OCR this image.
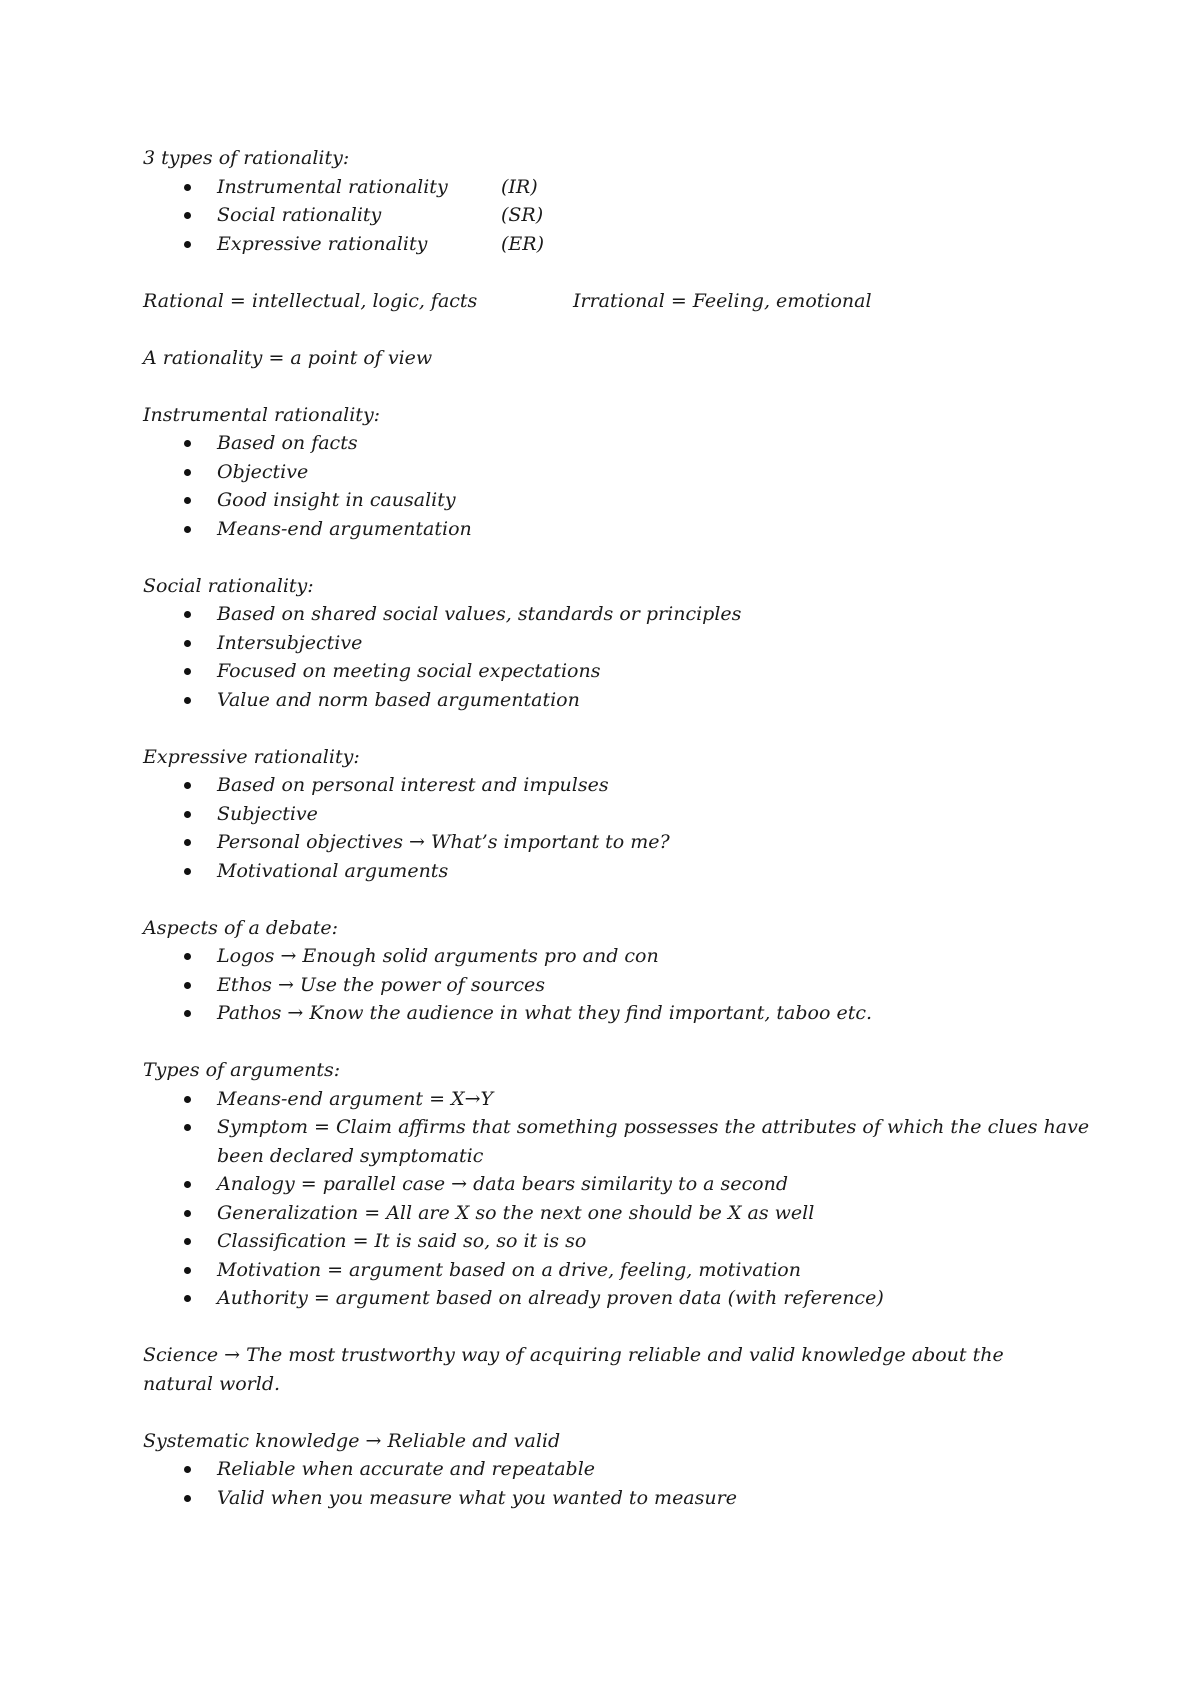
3 types of rationality:
Instrumental rationality	(IR)
Social rationality	(SR)
Expressive rationality	(ER)
Rational = intellectual, logic, facts	Irrational = Feeling, emotional
A rationality = a point of view
Instrumental rationality:
Based on facts
Objective
Good insight in causality
Means-end argumentation
Social rationality:
Based on shared social values, standards or principles
Intersubjective
Focused on meeting social expectations
Value and norm based argumentation
Expressive rationality:
Based on personal interest and impulses
Subjective
Personal objectives → What’s important to me?
Motivational arguments
Aspects of a debate:
Logos → Enough solid arguments pro and con
Ethos → Use the power of sources
Pathos → Know the audience in what they find important, taboo etc.
Types of arguments:
Means-end argument = X→Y
Symptom = Claim affirms that something possesses the attributes of which the clues have been declared symptomatic
Analogy = parallel case → data bears similarity to a second
Generalization = All are X so the next one should be X as well
Classification = It is said so, so it is so
Motivation = argument based on a drive, feeling, motivation
Authority = argument based on already proven data (with reference)
Science → The most trustworthy way of acquiring reliable and valid knowledge about the natural world.
Systematic knowledge → Reliable and valid
Reliable when accurate and repeatable
Valid when you measure what you wanted to measure
